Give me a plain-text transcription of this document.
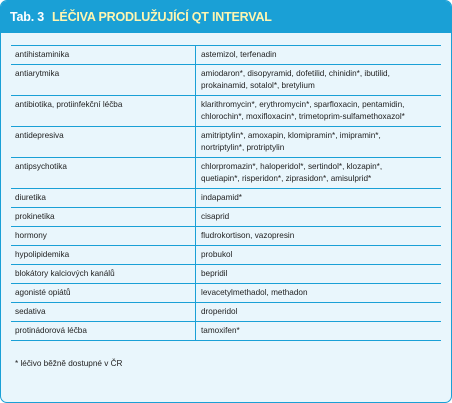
Tab. 3 LÉČIVA PRODLUŽUJÍCÍ QT INTERVAL
antihistaminika	astemizol, terfenadin
antiarytmika	amiodaron*, disopyramid, dofetilid, chinidin*, ibutilid,
prokainamid, sotalol*, bretylium
antibiotika, protiinfekční léčba	klarithromycin*, erythromycin*, sparfloxacin, pentamidin,
chlorochin*, moxifloxacin*, trimetoprim-sulfamethoxazol*
antidepresiva	amitriptylin*, amoxapin, klomipramin*, imipramin*,
nortriptylin*, protriptylin
antipsychotika	chlorpromazin*, haloperidol*, sertindol*, klozapin*,
quetiapin*, risperidon*, ziprasidon*, amisulprid*
diuretika	indapamid*
prokinetika	cisaprid
hormony	fludrokortison, vazopresin
hypolipidemika	probukol
blokátory kalciových kanálů	bepridil
agonisté opiátů	levacetylmethadol, methadon
sedativa	droperidol
protinádorová léčba	tamoxifen*
* léčivo běžně dostupné v ČR
